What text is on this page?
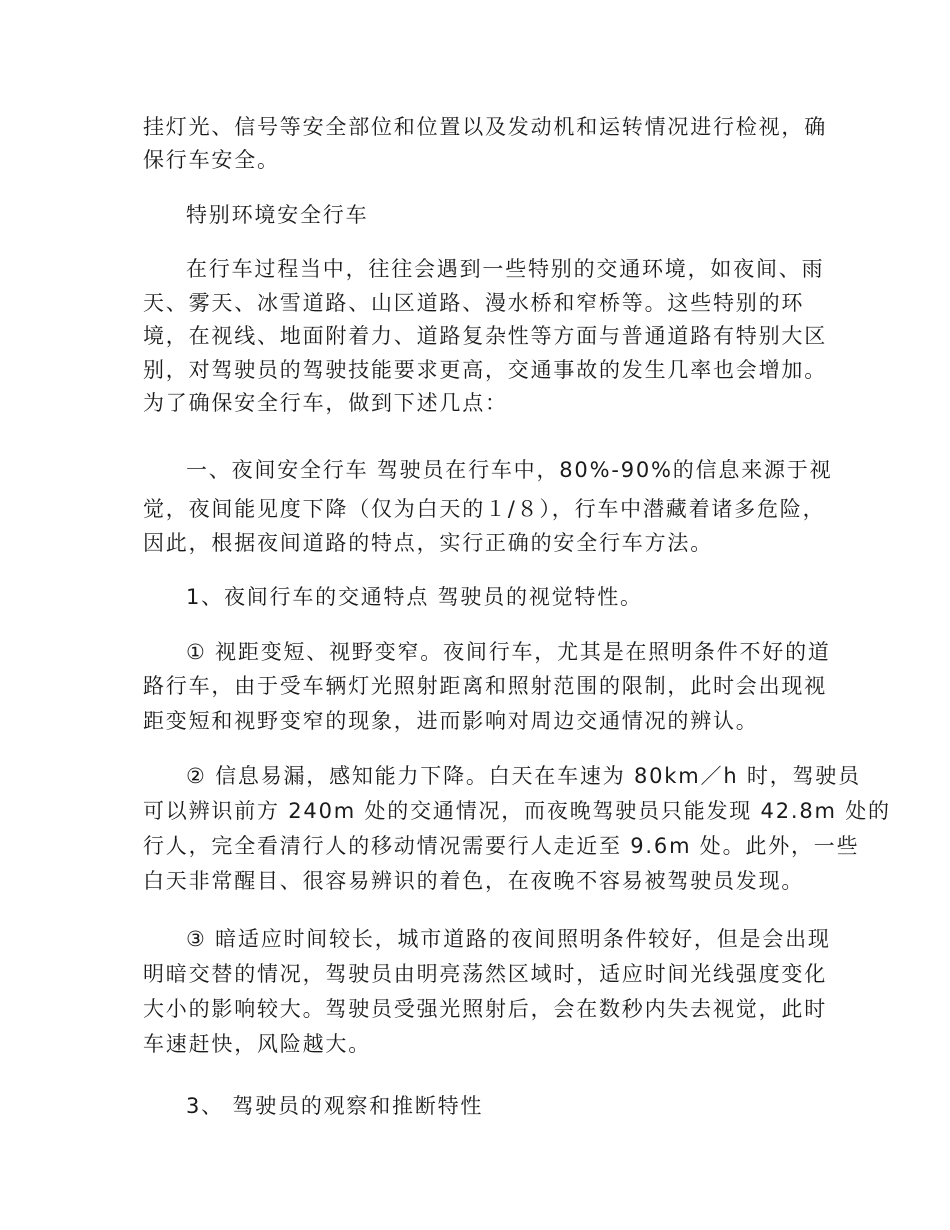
挂灯光、信号等安全部位和位置以及发动机和运转情况进行检视，确

保行车安全。

特别环境安全行车

在行车过程当中，往往会遇到一些特别的交通环境，如夜间、雨

天、雾天、冰雪道路、山区道路、漫水桥和窄桥等。这些特别的环

境，在视线、地面附着力、道路复杂性等方面与普通道路有特别大区

别，对驾驶员的驾驶技能要求更高，交通事故的发生几率也会增加。

为了确保安全行车，做到下述几点：

一、夜间安全行车 驾驶员在行车中，80%-90%的信息来源于视

觉，夜间能见度下降（仅为白天的１/８），行车中潜藏着诸多危险，

因此，根据夜间道路的特点，实行正确的安全行车方法。

1、夜间行车的交通特点 驾驶员的视觉特性。

① 视距变短、视野变窄。夜间行车，尤其是在照明条件不好的道

路行车，由于受车辆灯光照射距离和照射范围的限制，此时会出现视

距变短和视野变窄的现象，进而影响对周边交通情况的辨认。

② 信息易漏，感知能力下降。白天在车速为 80km／h 时，驾驶员

可以辨识前方 240m 处的交通情况，而夜晚驾驶员只能发现 42.8m 处的

行人，完全看清行人的移动情况需要行人走近至 9.6m 处。此外，一些

白天非常醒目、很容易辨识的着色，在夜晚不容易被驾驶员发现。

③ 暗适应时间较长，城市道路的夜间照明条件较好，但是会出现

明暗交替的情况，驾驶员由明亮荡然区域时，适应时间光线强度变化

大小的影响较大。驾驶员受强光照射后，会在数秒内失去视觉，此时

车速赶快，风险越大。

3、 驾驶员的观察和推断特性
